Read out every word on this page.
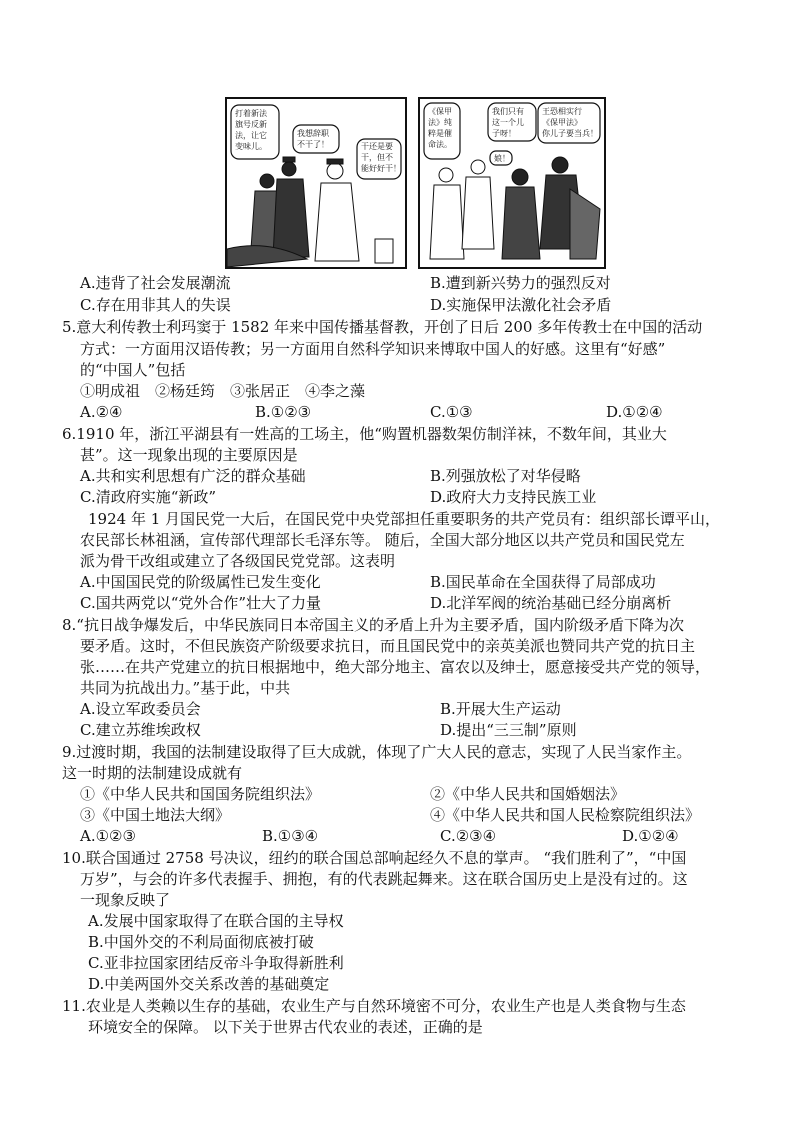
打着新法旗号反新法，让它变味儿。
我想辞职不干了！	干还是要干，但不能好好干！
《保甲法》纯粹是催命法。
我们只有这一个儿子呀！
王恐相实行《保甲法》你儿子要当兵！
娘！
A.违背了社会发展潮流	B.遭到新兴势力的强烈反对
C.存在用非其人的失误	D.实施保甲法激化社会矛盾
5.意大利传教士利玛窦于 1582 年来中国传播基督教，开创了日后 200 多年传教士在中国的活动
方式：一方面用汉语传教；另一方面用自然科学知识来博取中国人的好感。这里有“好感”
的“中国人”包括
①明成祖　②杨廷筠　③张居正　④李之藻
A.②④	B.①②③	C.①③	D.①②④
6.1910 年，浙江平湖县有一姓高的工场主，他“购置机器数架仿制洋袜，不数年间，其业大
甚”。这一现象出现的主要原因是
A.共和实利思想有广泛的群众基础	B.列强放松了对华侵略
C.清政府实施“新政”	D.政府大力支持民族工业
1924 年 1 月国民党一大后，在国民党中央党部担任重要职务的共产党员有：组织部长谭平山，
农民部长林祖涵，宣传部代理部长毛泽东等。 随后，全国大部分地区以共产党员和国民党左
派为骨干改组或建立了各级国民党党部。这表明
A.中国国民党的阶级属性已发生变化	B.国民革命在全国获得了局部成功
C.国共两党以“党外合作”壮大了力量	D.北洋军阀的统治基础已经分崩离析
8.“抗日战争爆发后，中华民族同日本帝国主义的矛盾上升为主要矛盾，国内阶级矛盾下降为次
要矛盾。这时，不但民族资产阶级要求抗日，而且国民党中的亲英美派也赞同共产党的抗日主
张……在共产党建立的抗日根据地中，绝大部分地主、富农以及绅士，愿意接受共产党的领导，
共同为抗战出力。”基于此，中共
A.设立军政委员会	B.开展大生产运动
C.建立苏维埃政权	D.提出“三三制”原则
9.过渡时期，我国的法制建设取得了巨大成就，体现了广大人民的意志，实现了人民当家作主。
这一时期的法制建设成就有
①《中华人民共和国国务院组织法》	②《中华人民共和国婚姻法》
③《中国土地法大纲》	④《中华人民共和国人民检察院组织法》
A.①②③	B.①③④	C.②③④	D.①②④
10.联合国通过 2758 号决议，纽约的联合国总部响起经久不息的掌声。 “我们胜利了”，“中国
万岁”，与会的许多代表握手、拥抱，有的代表跳起舞来。这在联合国历史上是没有过的。这
一现象反映了
A.发展中国家取得了在联合国的主导权
B.中国外交的不利局面彻底被打破
C.亚非拉国家团结反帝斗争取得新胜利
D.中美两国外交关系改善的基础奠定
11.农业是人类赖以生存的基础，农业生产与自然环境密不可分，农业生产也是人类食物与生态
环境安全的保障。 以下关于世界古代农业的表述，正确的是
